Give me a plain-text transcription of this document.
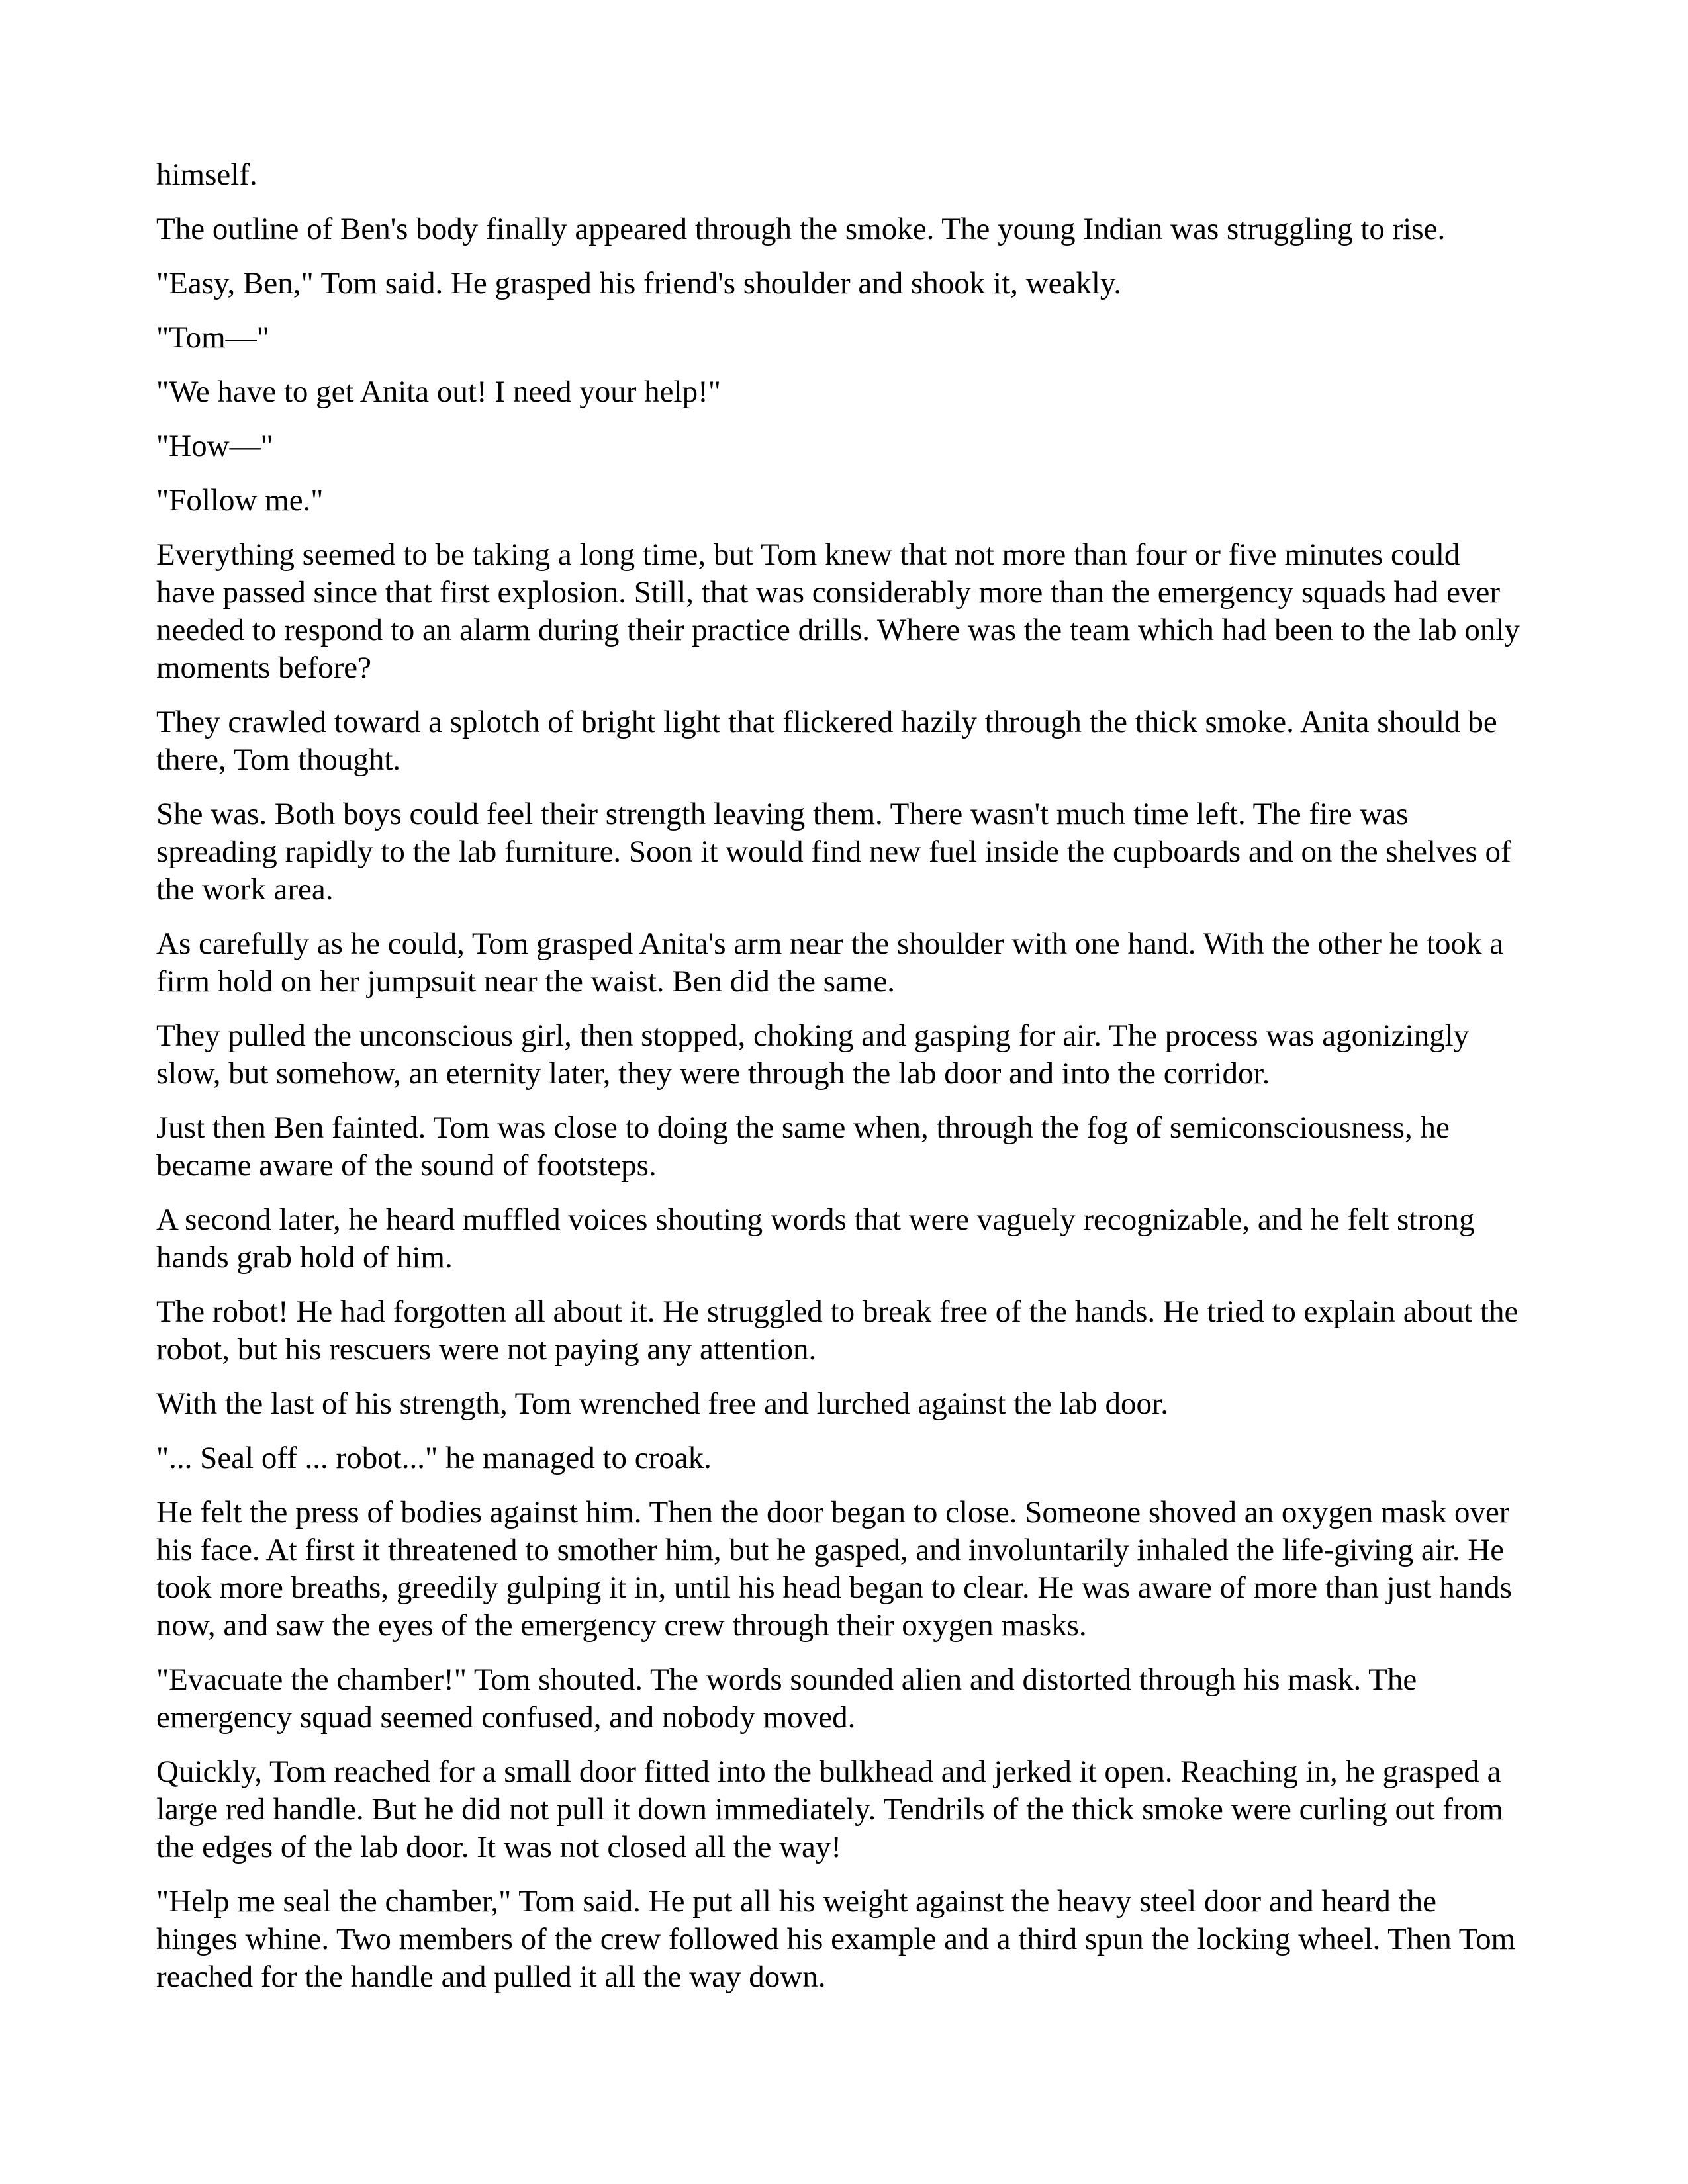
himself.

The outline of Ben's body finally appeared through the smoke. The young Indian was struggling to rise.

"Easy, Ben," Tom said. He grasped his friend's shoulder and shook it, weakly.

"Tom—"

"We have to get Anita out! I need your help!"

"How—"

"Follow me."

Everything seemed to be taking a long time, but Tom knew that not more than four or five minutes could have passed since that first explosion. Still, that was considerably more than the emergency squads had ever needed to respond to an alarm during their practice drills. Where was the team which had been to the lab only moments before?

They crawled toward a splotch of bright light that flickered hazily through the thick smoke. Anita should be there, Tom thought.

She was. Both boys could feel their strength leaving them. There wasn't much time left. The fire was spreading rapidly to the lab furniture. Soon it would find new fuel inside the cupboards and on the shelves of the work area.

As carefully as he could, Tom grasped Anita's arm near the shoulder with one hand. With the other he took a firm hold on her jumpsuit near the waist. Ben did the same.

They pulled the unconscious girl, then stopped, choking and gasping for air. The process was agonizingly slow, but somehow, an eternity later, they were through the lab door and into the corridor.

Just then Ben fainted. Tom was close to doing the same when, through the fog of semiconsciousness, he became aware of the sound of footsteps.

A second later, he heard muffled voices shouting words that were vaguely recognizable, and he felt strong hands grab hold of him.

The robot! He had forgotten all about it. He struggled to break free of the hands. He tried to explain about the robot, but his rescuers were not paying any attention.

With the last of his strength, Tom wrenched free and lurched against the lab door.

"... Seal off ... robot..." he managed to croak.

He felt the press of bodies against him. Then the door began to close. Someone shoved an oxygen mask over his face. At first it threatened to smother him, but he gasped, and involuntarily inhaled the life-giving air. He took more breaths, greedily gulping it in, until his head began to clear. He was aware of more than just hands now, and saw the eyes of the emergency crew through their oxygen masks.

"Evacuate the chamber!" Tom shouted. The words sounded alien and distorted through his mask. The emergency squad seemed confused, and nobody moved.

Quickly, Tom reached for a small door fitted into the bulkhead and jerked it open. Reaching in, he grasped a large red handle. But he did not pull it down immediately. Tendrils of the thick smoke were curling out from the edges of the lab door. It was not closed all the way!

"Help me seal the chamber," Tom said. He put all his weight against the heavy steel door and heard the hinges whine. Two members of the crew followed his example and a third spun the locking wheel. Then Tom reached for the handle and pulled it all the way down.
